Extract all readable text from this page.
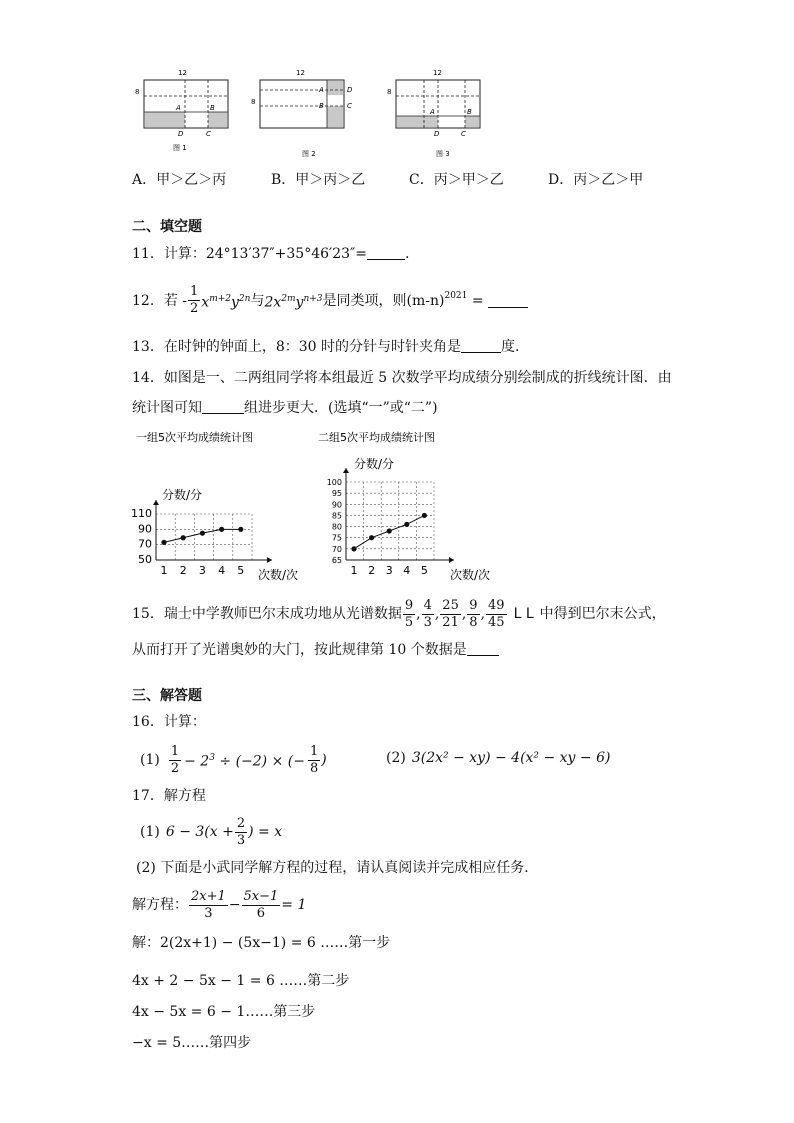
12
8
A	B
D	C
图 1
12
8
A
B
D
C
图 2
12
8
A	B
D	C
图 3
A．甲＞乙＞丙	B．甲＞丙＞乙	C．丙＞甲＞乙	D．丙＞乙＞甲
二、填空题
11．计算：24°13′37″+35°46′23″=	.
12．若 - $\frac{1}{2} x^{m+2}y^{2n}$ 与 $2x^{2m}y^{n+3}$ 是同类项，则$(m-n)^{2021}$ =
13．在时钟的钟面上，8：30 时的分针与时针夹角是	度.
14．如图是一、二两组同学将本组最近 5 次数学平均成绩分别绘制成的折线统计图．由
统计图可知	组进步更大．(选填“一”或“二”)
一组5次平均成绩统计图
50
70
90
110
分数/分
次数/次
1 2 3 4 5
二组5次平均成绩统计图
65
70
75
80
85
90
95
100
分数/分
次数/次
1 2 3 4 5
15．瑞士中学教师巴尔末成功地从光谱数据 $\frac{9}{5}$ , $\frac{4}{3}$ , $\frac{25}{21}$ , $\frac{9}{8}$ , $\frac{49}{45}$ L L 中得到巴尔末公式，
从而打开了光谱奥妙的大门，按此规律第 10 个数据是
三、解答题
16．计算：
$(1) \frac{1}{2} - 2^3 \div (-2)$ × (− $\frac{1}{8}$ )	(2) 3(2x² − xy) − 4(x² − xy − 6)
17．解方程
(1) $6 - 3(x + \frac{2}{3}$ ) = x
(2) 下面是小武同学解方程的过程，请认真阅读并完成相应任务．
解方程： $\frac{2x+1}{3} - \frac{5x-1}{6} = 1$
解：2(2x+1) − (5x−1) = 6 ……第一步
4x + 2 − 5x − 1 = 6 ……第二步
4x − 5x = 6 − 1……第三步
−x = 5……第四步
